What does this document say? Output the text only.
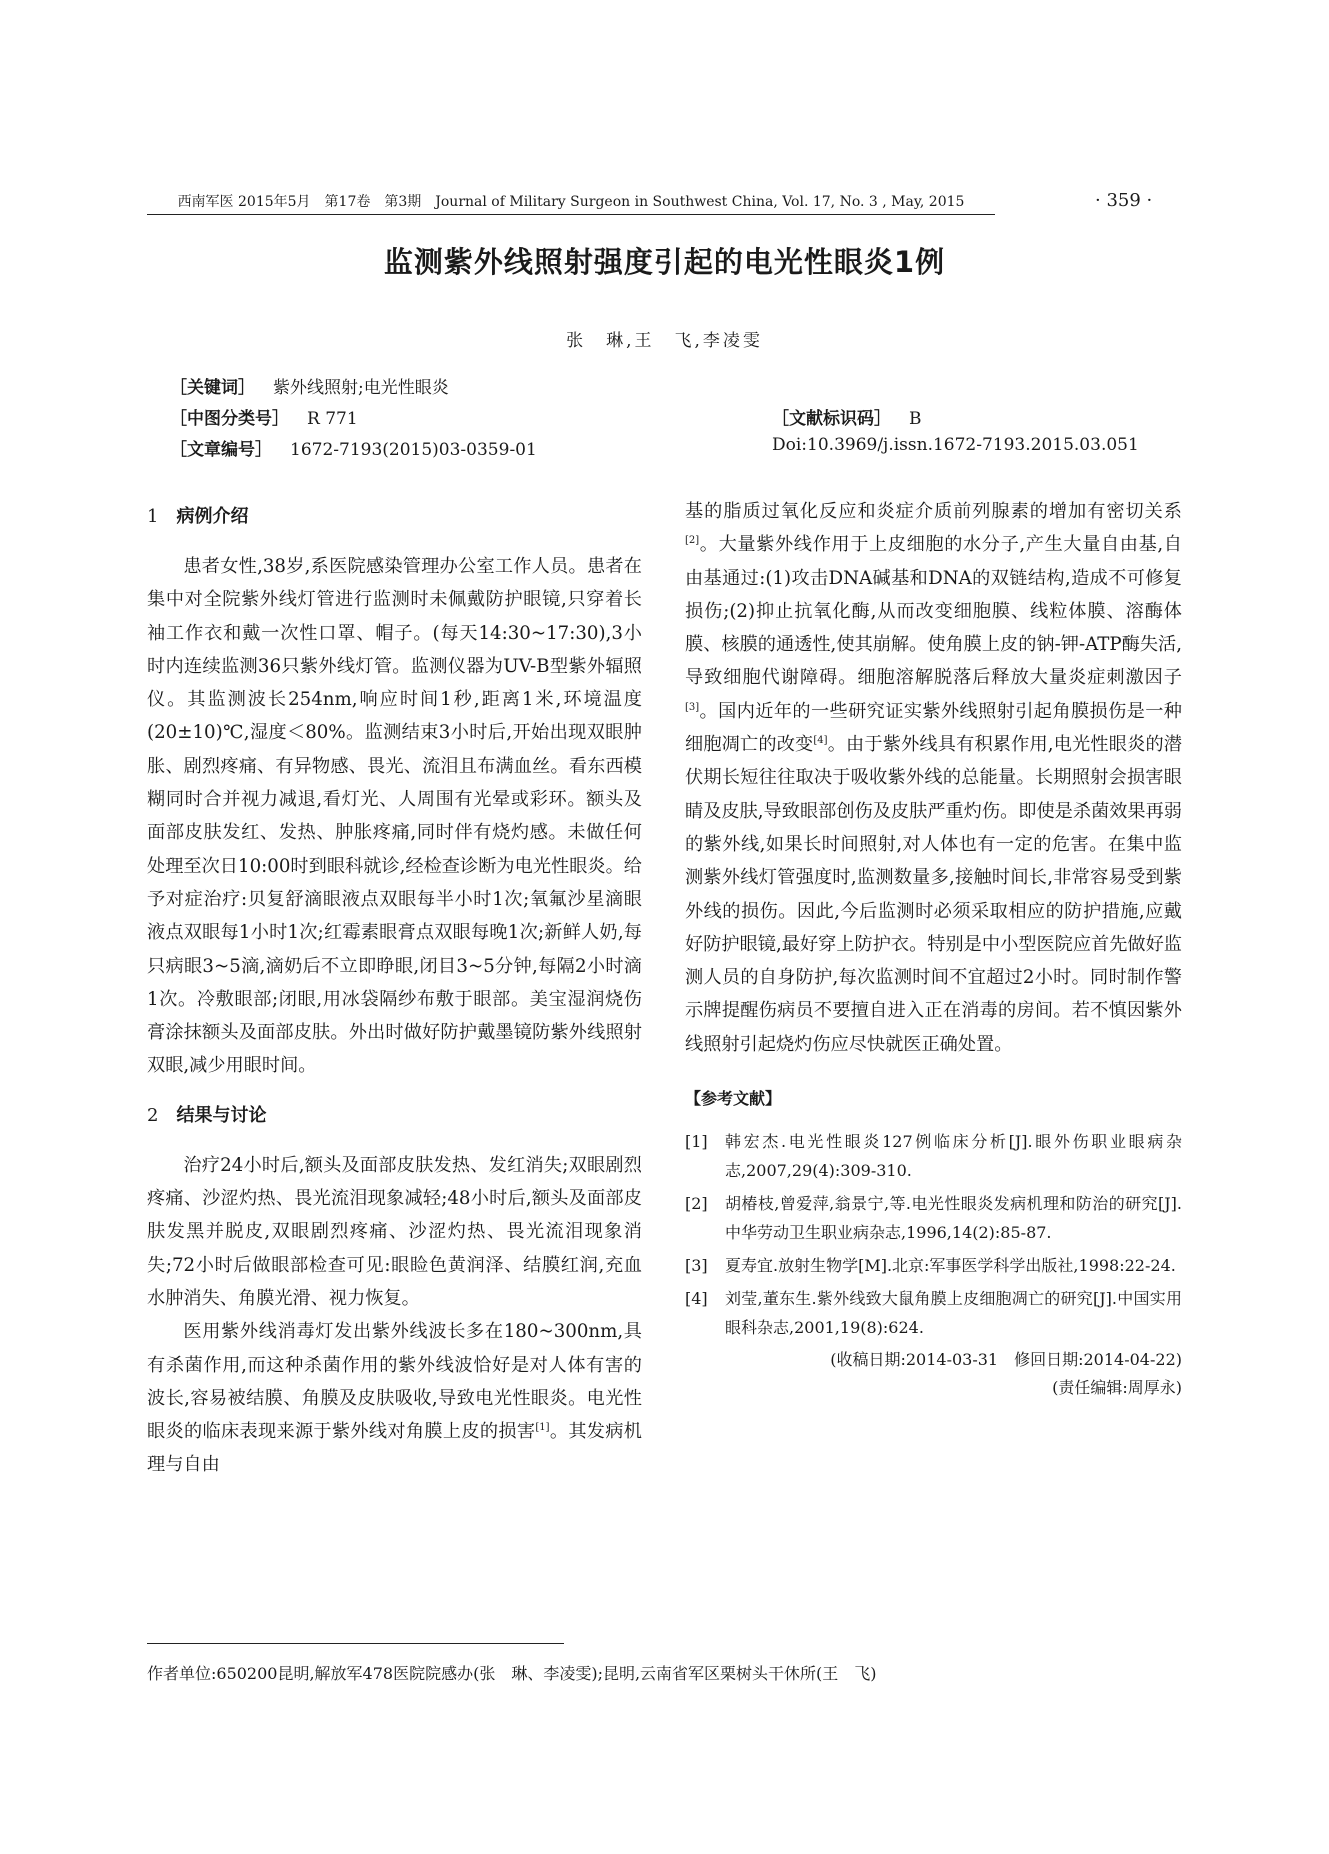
西南军医 2015年5月　第17卷　第3期　Journal of Military Surgeon in Southwest China, Vol. 17, No. 3 , May, 2015	· 359 ·
监测紫外线照射强度引起的电光性眼炎1例
张　琳,王　飞,李凌雯
［关键词］ 紫外线照射;电光性眼炎
［中图分类号］ R 771	［文献标识码］ B
［文章编号］ 1672-7193(2015)03-0359-01	Doi:10.3969/j.issn.1672-7193.2015.03.051
1 病例介绍

患者女性,38岁,系医院感染管理办公室工作人员。患者在集中对全院紫外线灯管进行监测时未佩戴防护眼镜,只穿着长袖工作衣和戴一次性口罩、帽子。(每天14:30~17:30),3小时内连续监测36只紫外线灯管。监测仪器为UV-B型紫外辐照仪。其监测波长254nm,响应时间1秒,距离1米,环境温度(20±10)℃,湿度＜80%。监测结束3小时后,开始出现双眼肿胀、剧烈疼痛、有异物感、畏光、流泪且布满血丝。看东西模糊同时合并视力减退,看灯光、人周围有光晕或彩环。额头及面部皮肤发红、发热、肿胀疼痛,同时伴有烧灼感。未做任何处理至次日10:00时到眼科就诊,经检查诊断为电光性眼炎。给予对症治疗:贝复舒滴眼液点双眼每半小时1次;氧氟沙星滴眼液点双眼每1小时1次;红霉素眼膏点双眼每晚1次;新鲜人奶,每只病眼3~5滴,滴奶后不立即睁眼,闭目3~5分钟,每隔2小时滴1次。冷敷眼部;闭眼,用冰袋隔纱布敷于眼部。美宝湿润烧伤膏涂抹额头及面部皮肤。外出时做好防护戴墨镜防紫外线照射双眼,减少用眼时间。

2 结果与讨论

治疗24小时后,额头及面部皮肤发热、发红消失;双眼剧烈疼痛、沙涩灼热、畏光流泪现象减轻;48小时后,额头及面部皮肤发黑并脱皮,双眼剧烈疼痛、沙涩灼热、畏光流泪现象消失;72小时后做眼部检查可见:眼睑色黄润泽、结膜红润,充血水肿消失、角膜光滑、视力恢复。

医用紫外线消毒灯发出紫外线波长多在180~300nm,具有杀菌作用,而这种杀菌作用的紫外线波恰好是对人体有害的波长,容易被结膜、角膜及皮肤吸收,导致电光性眼炎。电光性眼炎的临床表现来源于紫外线对角膜上皮的损害[1]。其发病机理与自由

基的脂质过氧化反应和炎症介质前列腺素的增加有密切关系[2]。大量紫外线作用于上皮细胞的水分子,产生大量自由基,自由基通过:(1)攻击DNA碱基和DNA的双链结构,造成不可修复损伤;(2)抑止抗氧化酶,从而改变细胞膜、线粒体膜、溶酶体膜、核膜的通透性,使其崩解。使角膜上皮的钠-钾-ATP酶失活,导致细胞代谢障碍。细胞溶解脱落后释放大量炎症刺激因子[3]。国内近年的一些研究证实紫外线照射引起角膜损伤是一种细胞凋亡的改变[4]。由于紫外线具有积累作用,电光性眼炎的潜伏期长短往往取决于吸收紫外线的总能量。长期照射会损害眼睛及皮肤,导致眼部创伤及皮肤严重灼伤。即使是杀菌效果再弱的紫外线,如果长时间照射,对人体也有一定的危害。在集中监测紫外线灯管强度时,监测数量多,接触时间长,非常容易受到紫外线的损伤。因此,今后监测时必须采取相应的防护措施,应戴好防护眼镜,最好穿上防护衣。特别是中小型医院应首先做好监测人员的自身防护,每次监测时间不宜超过2小时。同时制作警示牌提醒伤病员不要擅自进入正在消毒的房间。若不慎因紫外线照射引起烧灼伤应尽快就医正确处置。

【参考文献】
[1]	韩宏杰.电光性眼炎127例临床分析[J].眼外伤职业眼病杂志,2007,29(4):309-310.
[2]	胡椿枝,曾爱萍,翁景宁,等.电光性眼炎发病机理和防治的研究[J].中华劳动卫生职业病杂志,1996,14(2):85-87.
[3]	夏寿宜.放射生物学[M].北京:军事医学科学出版社,1998:22-24.
[4]	刘莹,董东生.紫外线致大鼠角膜上皮细胞凋亡的研究[J].中国实用眼科杂志,2001,19(8):624.
(收稿日期:2014-03-31　修回日期:2014-04-22)
(责任编辑:周厚永)
作者单位:650200昆明,解放军478医院院感办(张　琳、李凌雯);昆明,云南省军区栗树头干休所(王　飞)
